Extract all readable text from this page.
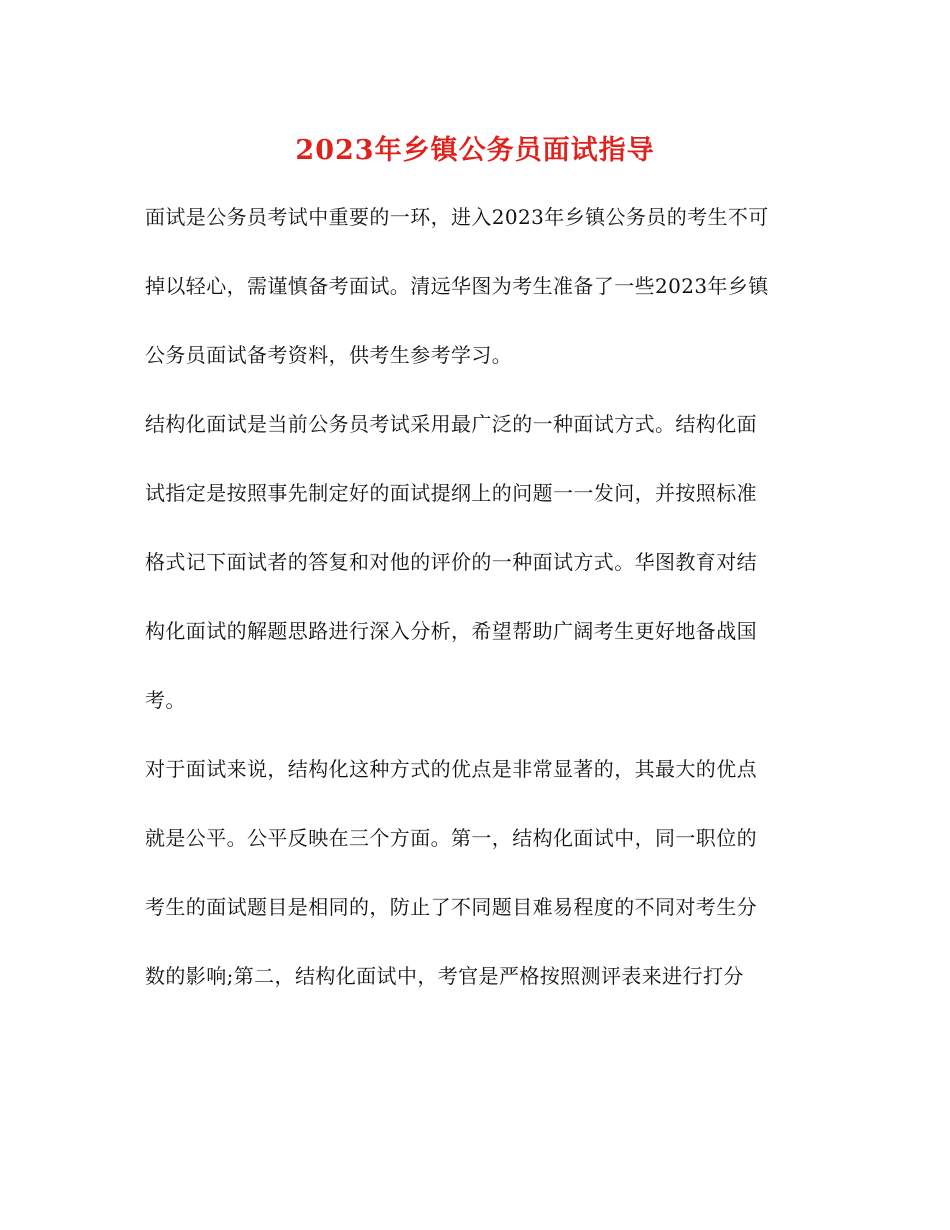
2023年乡镇公务员面试指导
面试是公务员考试中重要的一环，进入2023年乡镇公务员的考生不可
掉以轻心，需谨慎备考面试。清远华图为考生准备了一些2023年乡镇
公务员面试备考资料，供考生参考学习。
结构化面试是当前公务员考试采用最广泛的一种面试方式。结构化面
试指定是按照事先制定好的面试提纲上的问题一一发问，并按照标准
格式记下面试者的答复和对他的评价的一种面试方式。华图教育对结
构化面试的解题思路进行深入分析，希望帮助广阔考生更好地备战国
考。
对于面试来说，结构化这种方式的优点是非常显著的，其最大的优点
就是公平。公平反映在三个方面。第一，结构化面试中，同一职位的
考生的面试题目是相同的，防止了不同题目难易程度的不同对考生分
数的影响;第二，结构化面试中，考官是严格按照测评表来进行打分
